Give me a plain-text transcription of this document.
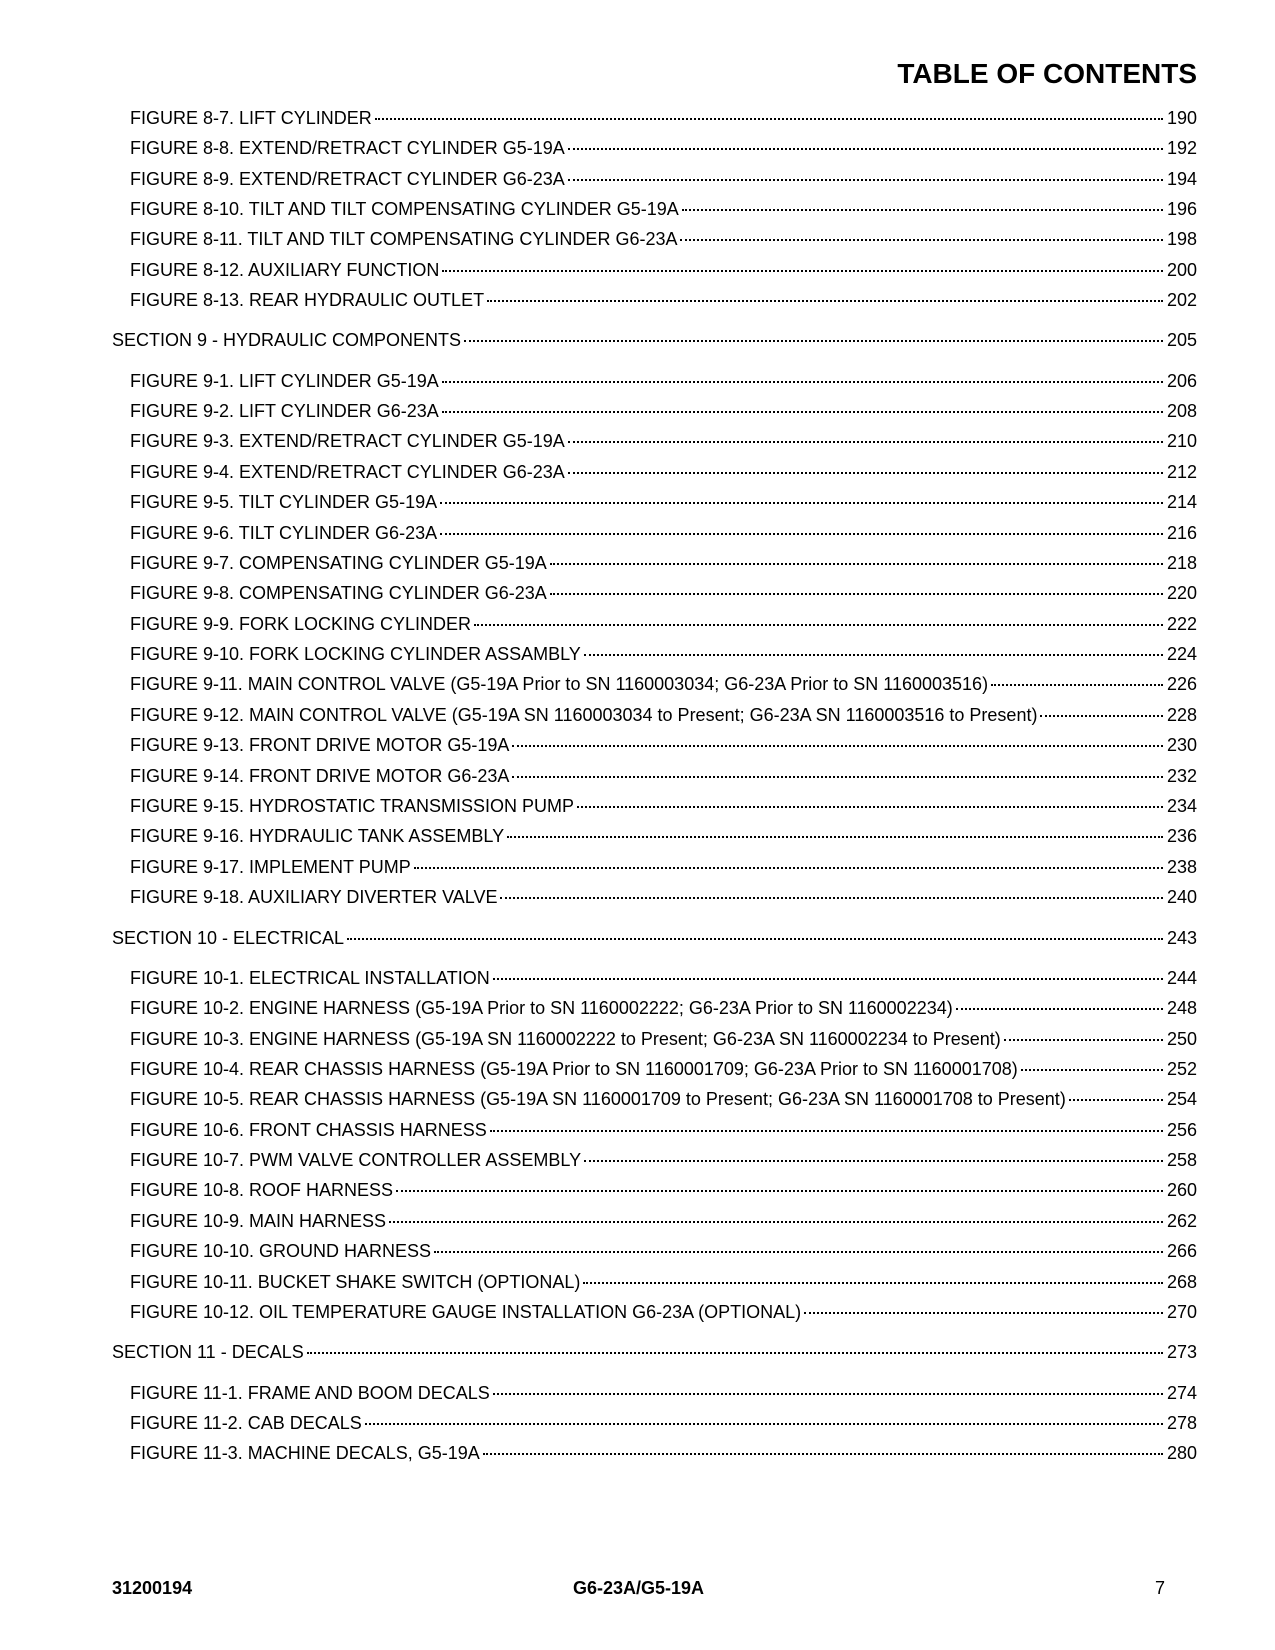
TABLE OF CONTENTS
FIGURE 8-7. LIFT CYLINDER	190
FIGURE 8-8. EXTEND/RETRACT CYLINDER G5-19A	192
FIGURE 8-9. EXTEND/RETRACT CYLINDER G6-23A	194
FIGURE 8-10. TILT AND TILT COMPENSATING CYLINDER G5-19A	196
FIGURE 8-11. TILT AND TILT COMPENSATING CYLINDER G6-23A	198
FIGURE 8-12. AUXILIARY FUNCTION	200
FIGURE 8-13. REAR HYDRAULIC OUTLET	202
SECTION 9 - HYDRAULIC COMPONENTS	205
FIGURE 9-1. LIFT CYLINDER G5-19A	206
FIGURE 9-2. LIFT CYLINDER G6-23A	208
FIGURE 9-3. EXTEND/RETRACT CYLINDER G5-19A	210
FIGURE 9-4. EXTEND/RETRACT CYLINDER G6-23A	212
FIGURE 9-5. TILT CYLINDER G5-19A	214
FIGURE 9-6. TILT CYLINDER G6-23A	216
FIGURE 9-7. COMPENSATING CYLINDER G5-19A	218
FIGURE 9-8. COMPENSATING CYLINDER G6-23A	220
FIGURE 9-9. FORK LOCKING CYLINDER	222
FIGURE 9-10. FORK LOCKING CYLINDER ASSAMBLY	224
FIGURE 9-11. MAIN CONTROL VALVE (G5-19A Prior to SN 1160003034; G6-23A Prior to SN 1160003516)	226
FIGURE 9-12. MAIN CONTROL VALVE (G5-19A SN 1160003034 to Present; G6-23A SN 1160003516 to Present)	228
FIGURE 9-13. FRONT DRIVE MOTOR G5-19A	230
FIGURE 9-14. FRONT DRIVE MOTOR G6-23A	232
FIGURE 9-15. HYDROSTATIC TRANSMISSION PUMP	234
FIGURE 9-16. HYDRAULIC TANK ASSEMBLY	236
FIGURE 9-17. IMPLEMENT PUMP	238
FIGURE 9-18. AUXILIARY DIVERTER VALVE	240
SECTION 10 - ELECTRICAL	243
FIGURE 10-1. ELECTRICAL INSTALLATION	244
FIGURE 10-2. ENGINE HARNESS (G5-19A Prior to SN 1160002222; G6-23A Prior to SN 1160002234)	248
FIGURE 10-3. ENGINE HARNESS (G5-19A SN 1160002222 to Present; G6-23A SN 1160002234 to Present)	250
FIGURE 10-4. REAR CHASSIS HARNESS (G5-19A Prior to SN 1160001709; G6-23A Prior to SN 1160001708)	252
FIGURE 10-5. REAR CHASSIS HARNESS (G5-19A SN 1160001709 to Present; G6-23A SN 1160001708 to Present)	254
FIGURE 10-6. FRONT CHASSIS HARNESS	256
FIGURE 10-7. PWM VALVE CONTROLLER ASSEMBLY	258
FIGURE 10-8. ROOF HARNESS	260
FIGURE 10-9. MAIN HARNESS	262
FIGURE 10-10. GROUND HARNESS	266
FIGURE 10-11. BUCKET SHAKE SWITCH (OPTIONAL)	268
FIGURE 10-12. OIL TEMPERATURE GAUGE INSTALLATION G6-23A (OPTIONAL)	270
SECTION 11 - DECALS	273
FIGURE 11-1. FRAME AND BOOM DECALS	274
FIGURE 11-2. CAB DECALS	278
FIGURE 11-3. MACHINE DECALS, G5-19A	280
31200194	G6-23A/G5-19A	7
